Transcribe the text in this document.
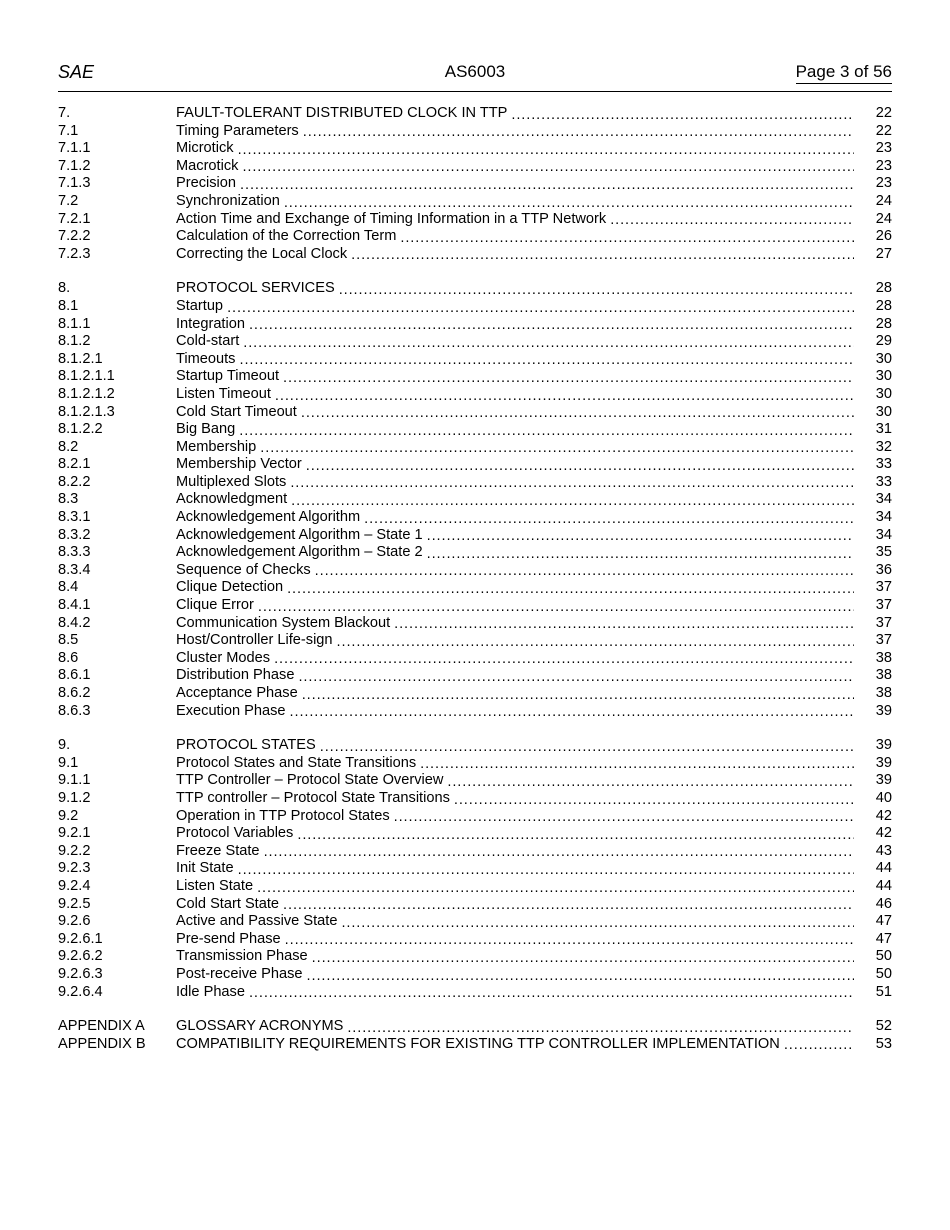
SAE	AS6003	Page 3 of 56
7.	FAULT-TOLERANT DISTRIBUTED CLOCK IN TTP .....	22
7.1	Timing Parameters .....	22
7.1.1	Microtick .....	23
7.1.2	Macrotick .....	23
7.1.3	Precision .....	23
7.2	Synchronization .....	24
7.2.1	Action Time and Exchange of Timing Information in a TTP Network .....	24
7.2.2	Calculation of the Correction Term .....	26
7.2.3	Correcting the Local Clock .....	27
8.	PROTOCOL SERVICES .....	28
8.1	Startup .....	28
8.1.1	Integration .....	28
8.1.2	Cold-start .....	29
8.1.2.1	Timeouts .....	30
8.1.2.1.1	Startup Timeout .....	30
8.1.2.1.2	Listen Timeout .....	30
8.1.2.1.3	Cold Start Timeout .....	30
8.1.2.2	Big Bang .....	31
8.2	Membership .....	32
8.2.1	Membership Vector .....	33
8.2.2	Multiplexed Slots .....	33
8.3	Acknowledgment .....	34
8.3.1	Acknowledgement Algorithm .....	34
8.3.2	Acknowledgement Algorithm – State 1 .....	34
8.3.3	Acknowledgement Algorithm – State 2 .....	35
8.3.4	Sequence of Checks .....	36
8.4	Clique Detection .....	37
8.4.1	Clique Error .....	37
8.4.2	Communication System Blackout .....	37
8.5	Host/Controller Life-sign .....	37
8.6	Cluster Modes .....	38
8.6.1	Distribution Phase .....	38
8.6.2	Acceptance Phase .....	38
8.6.3	Execution Phase .....	39
9.	PROTOCOL STATES .....	39
9.1	Protocol States and State Transitions .....	39
9.1.1	TTP Controller – Protocol State Overview .....	39
9.1.2	TTP controller – Protocol State Transitions .....	40
9.2	Operation in TTP Protocol States .....	42
9.2.1	Protocol Variables .....	42
9.2.2	Freeze State .....	43
9.2.3	Init State .....	44
9.2.4	Listen State .....	44
9.2.5	Cold Start State .....	46
9.2.6	Active and Passive State .....	47
9.2.6.1	Pre-send Phase .....	47
9.2.6.2	Transmission Phase .....	50
9.2.6.3	Post-receive Phase .....	50
9.2.6.4	Idle Phase .....	51
APPENDIX A	GLOSSARY ACRONYMS .....	52
APPENDIX B	COMPATIBILITY REQUIREMENTS FOR EXISTING TTP CONTROLLER IMPLEMENTATION .....	53
